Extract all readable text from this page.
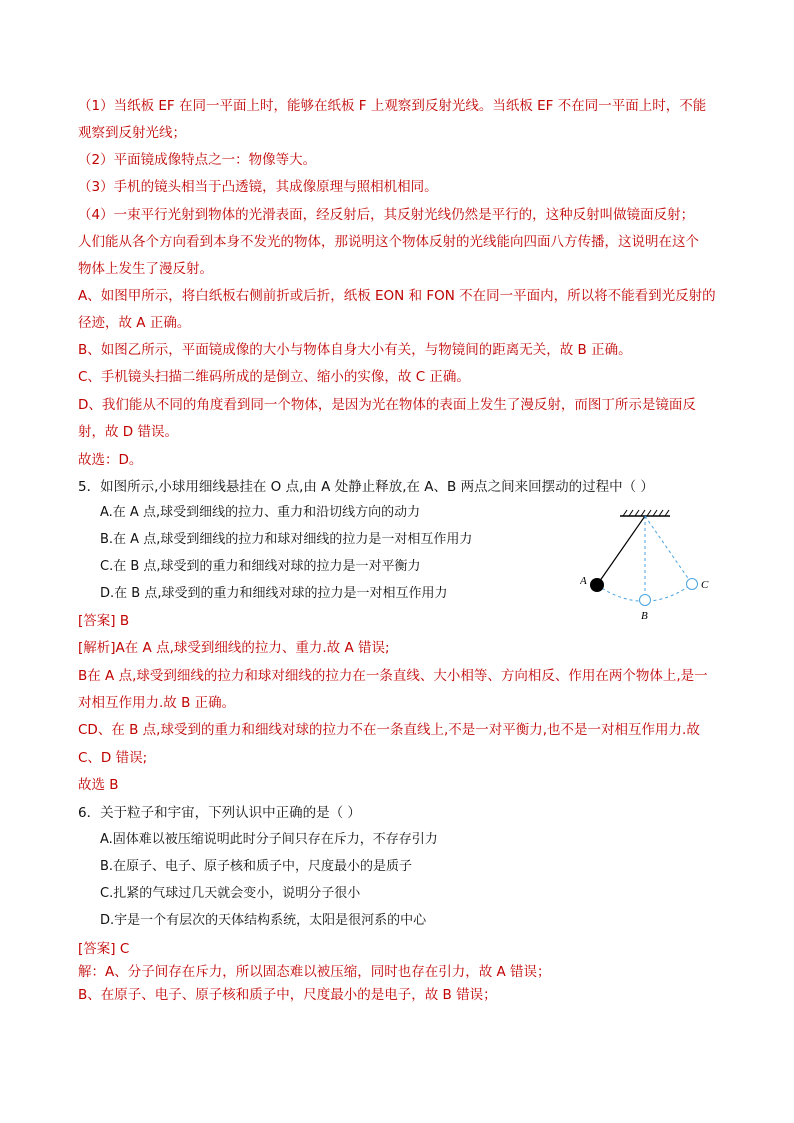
（1）当纸板 EF 在同一平面上时，能够在纸板 F 上观察到反射光线。当纸板 EF 不在同一平面上时，不能
观察到反射光线；
（2）平面镜成像特点之一：物像等大。
（3）手机的镜头相当于凸透镜，其成像原理与照相机相同。
（4）一束平行光射到物体的光滑表面，经反射后，其反射光线仍然是平行的，这种反射叫做镜面反射；
人们能从各个方向看到本身不发光的物体，那说明这个物体反射的光线能向四面八方传播，这说明在这个
物体上发生了漫反射。
A、如图甲所示，将白纸板右侧前折或后折，纸板 EON 和 FON 不在同一平面内，所以将不能看到光反射的
径迹，故 A 正确。
B、如图乙所示，平面镜成像的大小与物体自身大小有关，与物镜间的距离无关，故 B 正确。
C、手机镜头扫描二维码所成的是倒立、缩小的实像，故 C 正确。
D、我们能从不同的角度看到同一个物体，是因为光在物体的表面上发生了漫反射，而图丁所示是镜面反
射，故 D 错误。
故选：D。
5．如图所示,小球用细线悬挂在 O 点,由 A 处静止释放,在 A、B 两点之间来回摆动的过程中（ ）
A.在 A 点,球受到细线的拉力、重力和沿切线方向的动力
B.在 A 点,球受到细线的拉力和球对细线的拉力是一对相互作用力
C.在 B 点,球受到的重力和细线对球的拉力是一对平衡力
D.在 B 点,球受到的重力和细线对球的拉力是一对相互作用力
A
B
C
[答案] B
[解析]A在 A 点,球受到细线的拉力、重力.故 A 错误;
B在 A 点,球受到细线的拉力和球对细线的拉力在一条直线、大小相等、方向相反、作用在两个物体上,是一
对相互作用力.故 B 正确。
CD、在 B 点,球受到的重力和细线对球的拉力不在一条直线上,不是一对平衡力,也不是一对相互作用力.故
C、D 错误;
故选 B
6．关于粒子和宇宙，下列认识中正确的是（ ）
A.固体难以被压缩说明此时分子间只存在斥力，不存存引力
B.在原子、电子、原子核和质子中，尺度最小的是质子
C.扎紧的气球过几天就会变小，说明分子很小
D.宇是一个有层次的天体结构系统，太阳是很河系的中心
[答案] C
解：A、分子间存在斥力，所以固态难以被压缩，同时也存在引力，故 A 错误；
B、在原子、电子、原子核和质子中，尺度最小的是电子，故 B 错误；
